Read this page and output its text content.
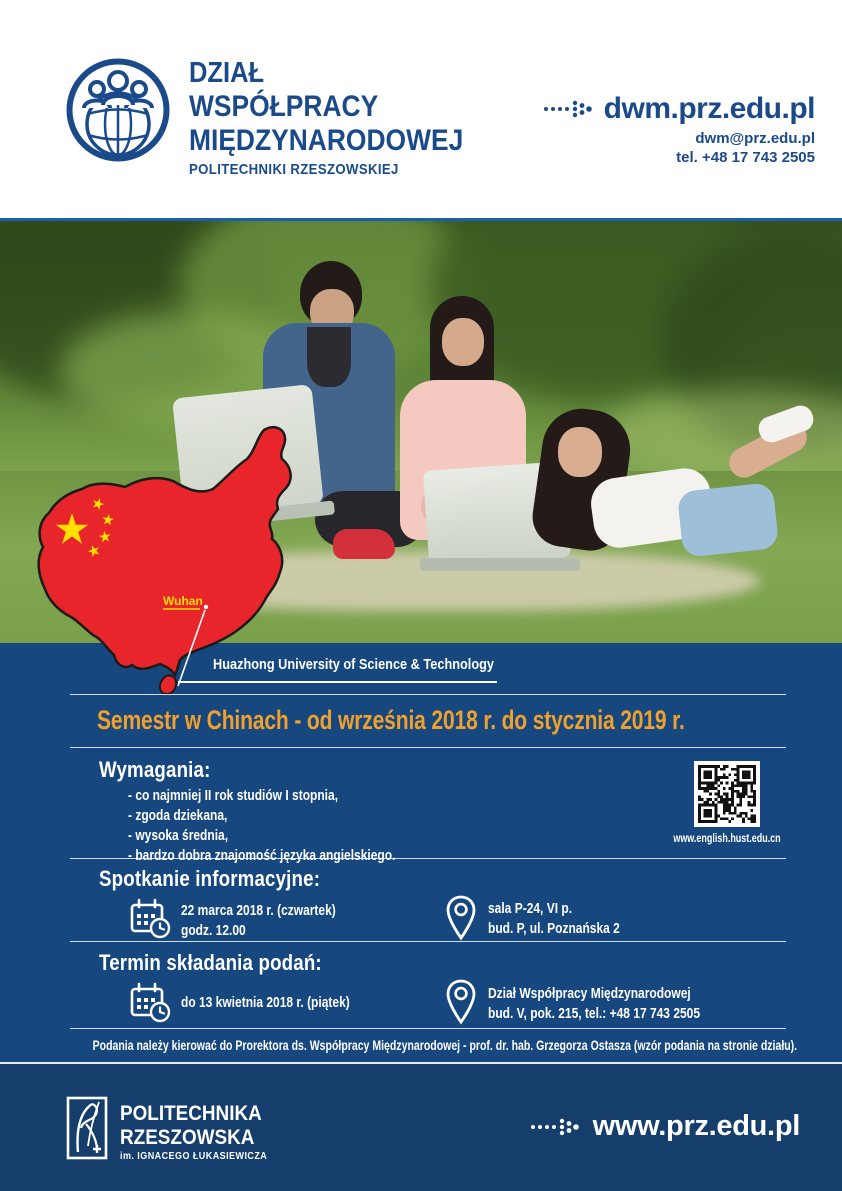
DZIAŁ
WSPÓŁPRACY
MIĘDZYNARODOWEJ
POLITECHNIKI RZESZOWSKIEJ
dwm.prz.edu.pl
dwm@prz.edu.pl
tel. +48 17 743 2505
Wuhan
Huazhong University of Science & Technology
Semestr w Chinach - od września 2018 r. do stycznia 2019 r.
Wymagania:
- co najmniej II rok studiów I stopnia,
- zgoda dziekana,
- wysoka średnia,
- bardzo dobra znajomość języka angielskiego.
www.english.hust.edu.cn
Spotkanie informacyjne:
22 marca 2018 r. (czwartek)
godz. 12.00
sala P-24, VI p.
bud. P, ul. Poznańska 2
Termin składania podań:
do 13 kwietnia 2018 r. (piątek)
Dział Współpracy Międzynarodowej
bud. V, pok. 215, tel.: +48 17 743 2505
Podania należy kierować do Prorektora ds. Współpracy Międzynarodowej - prof. dr. hab. Grzegorza Ostasza (wzór podania na stronie działu).
POLITECHNIKA
RZESZOWSKA
im. IGNACEGO ŁUKASIEWICZA
www.prz.edu.pl
